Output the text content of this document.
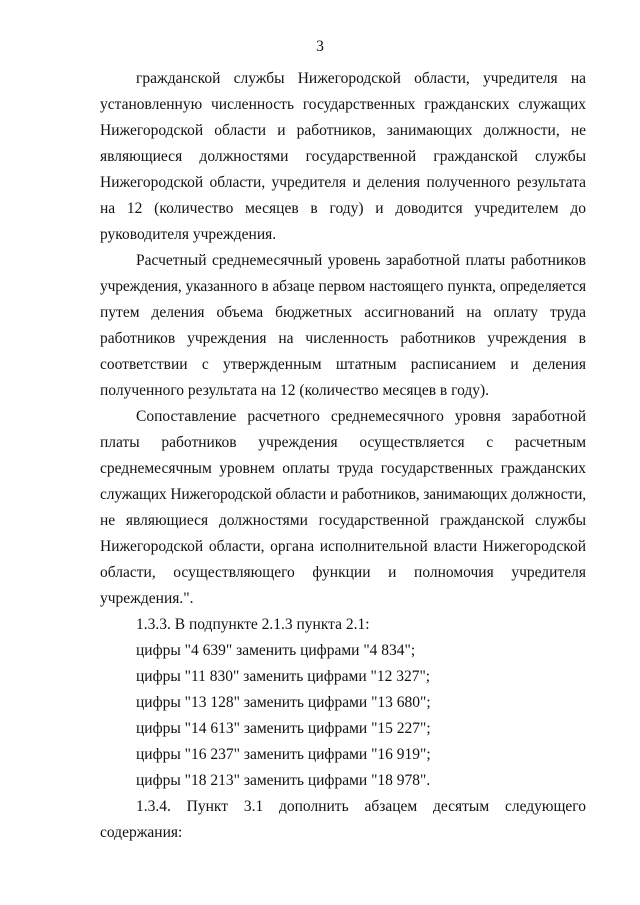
3
гражданской службы Нижегородской области, учредителя на
установленную численность государственных гражданских служащих
Нижегородской области и работников, занимающих должности, не
являющиеся должностями государственной гражданской службы
Нижегородской области, учредителя и деления полученного результата
на 12 (количество месяцев в году) и доводится учредителем до
руководителя учреждения.
Расчетный среднемесячный уровень заработной платы работников
учреждения, указанного в абзаце первом настоящего пункта, определяется
путем деления объема бюджетных ассигнований на оплату труда
работников учреждения на численность работников учреждения в
соответствии с утвержденным штатным расписанием и деления
полученного результата на 12 (количество месяцев в году).
Сопоставление расчетного среднемесячного уровня заработной
платы работников учреждения осуществляется с расчетным
среднемесячным уровнем оплаты труда государственных гражданских
служащих Нижегородской области и работников, занимающих должности,
не являющиеся должностями государственной гражданской службы
Нижегородской области, органа исполнительной власти Нижегородской
области, осуществляющего функции и полномочия учредителя
учреждения.".
1.3.3. В подпункте 2.1.3 пункта 2.1:
цифры "4 639" заменить цифрами "4 834";
цифры "11 830" заменить цифрами "12 327";
цифры "13 128" заменить цифрами "13 680";
цифры "14 613" заменить цифрами "15 227";
цифры "16 237" заменить цифрами "16 919";
цифры "18 213" заменить цифрами "18 978".
1.3.4. Пункт 3.1 дополнить абзацем десятым следующего
содержания:
